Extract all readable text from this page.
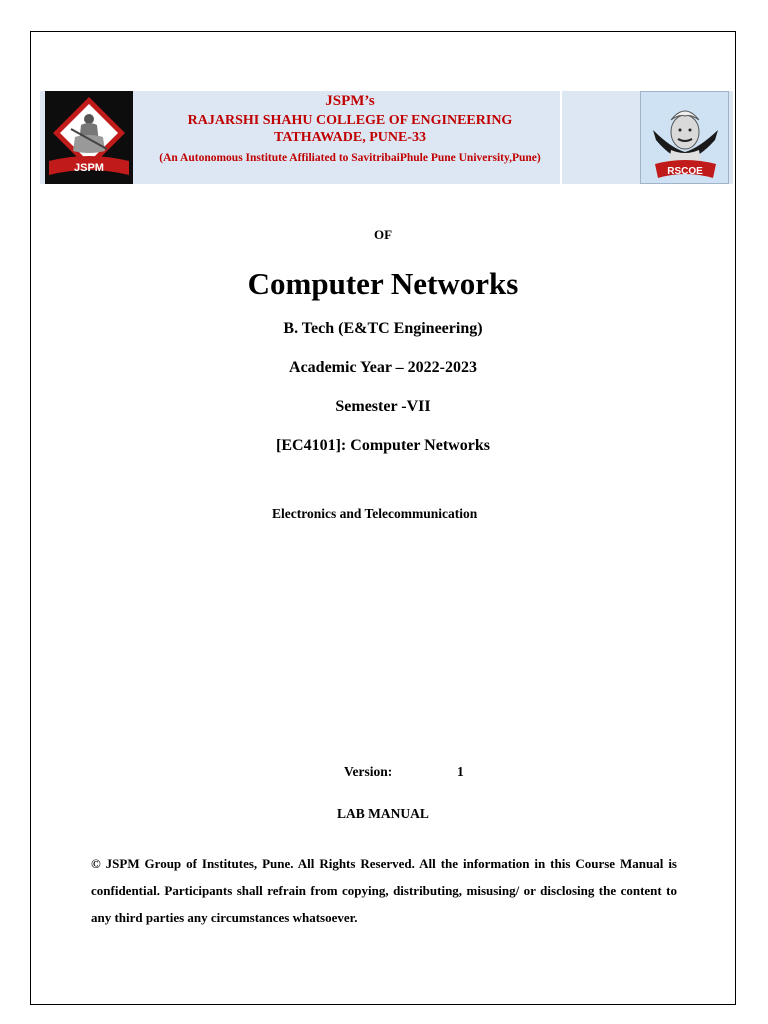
JSPM	RSCOE
JSPM’s
RAJARSHI SHAHU COLLEGE OF ENGINEERING
TATHAWADE, PUNE-33
(An Autonomous Institute Affiliated to SavitribaiPhule Pune University,Pune)
OF
Computer Networks
B. Tech (E&TC Engineering)
Academic Year – 2022-2023
Semester -VII
[EC4101]: Computer Networks
Electronics and Telecommunication
Version:	1
LAB MANUAL
© JSPM Group of Institutes, Pune. All Rights Reserved. All the information in this Course Manual is confidential. Participants shall refrain from copying, distributing, misusing/ or disclosing the content to any third parties any circumstances whatsoever.
